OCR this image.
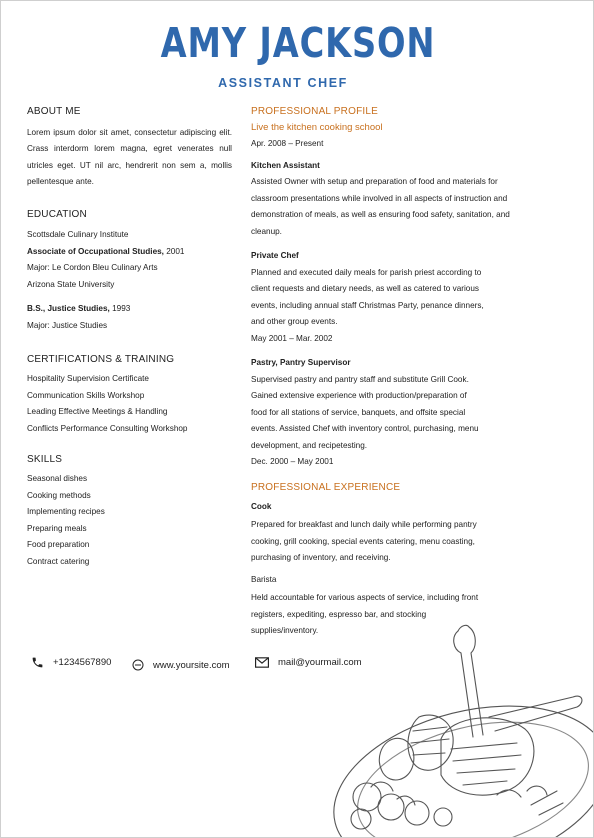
AMY JACKSON
ASSISTANT CHEF
ABOUT ME
Lorem ipsum dolor sit amet, consectetur adipiscing elit. Crass interdorm lorem magna, egret venerates null utricles eget. UT nil arc, hendrerit non sem a, mollis pellentesque ante.
EDUCATION
Scottsdale Culinary Institute
Associate of Occupational Studies, 2001
Major: Le Cordon Bleu Culinary Arts
Arizona State University
B.S., Justice Studies, 1993
Major: Justice Studies
CERTIFICATIONS & TRAINING
Hospitality Supervision Certificate
Communication Skills Workshop
Leading Effective Meetings & Handling
Conflicts Performance Consulting Workshop
SKILLS
Seasonal dishes
Cooking methods
Implementing recipes
Preparing meals
Food preparation
Contract catering
PROFESSIONAL PROFILE
Live the kitchen cooking school
Apr. 2008 – Present
Kitchen Assistant
Assisted Owner with setup and preparation of food and materials for
classroom presentations while involved in all aspects of instruction and
demonstration of meals, as well as ensuring food safety, sanitation, and
cleanup.
Private Chef
Planned and executed daily meals for parish priest according to
client requests and dietary needs, as well as catered to various
events, including annual staff Christmas Party, penance dinners,
and other group events.
May 2001 – Mar. 2002
Pastry, Pantry Supervisor
Supervised pastry and pantry staff and substitute Grill Cook.
Gained extensive experience with production/preparation of
food for all stations of service, banquets, and offsite special
events. Assisted Chef with inventory control, purchasing, menu
development, and recipetesting.
Dec. 2000 – May 2001
PROFESSIONAL EXPERIENCE
Cook
Prepared for breakfast and lunch daily while performing pantry
cooking, grill cooking, special events catering, menu coasting,
purchasing of inventory, and receiving.
Barista
Held accountable for various aspects of service, including front
registers, expediting, espresso bar, and stocking
supplies/inventory.
+1234567890	www.yoursite.com	mail@yourmail.com
